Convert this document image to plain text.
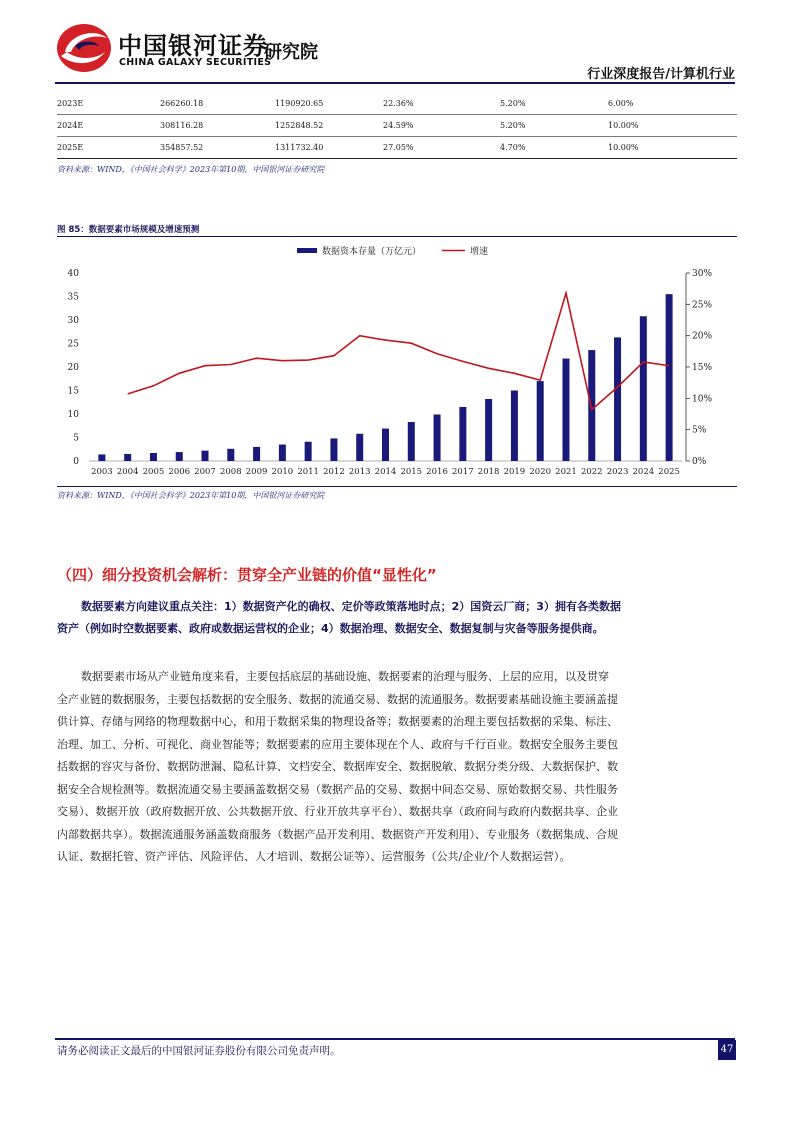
中国银河证券
CHINA GALAXY SECURITIES
研究院
行业深度报告/计算机行业
2023E	266260.18	1190920.65	22.36%	5.20%	6.00%
2024E	308116.28	1252848.52	24.59%	5.20%	10.00%
2025E	354857.52	1311732.40	27.05%	4.70%	10.00%
资料来源：WIND，《中国社会科学》2023年第10期，中国银河证券研究院
图 85：数据要素市场规模及增速预测
数据资本存量（万亿元）	增速
0
5
10
15
20
25
30
35
40
0%
5%
10%
15%
20%
25%
30%
2003 2004 2005 2006 2007 2008 2009 2010 2011 2012 2013 2014 2015 2016 2017 2018 2019 2020 2021 2022 2023 2024 2025
资料来源：WIND，《中国社会科学》2023年第10期，中国银河证券研究院
（四）细分投资机会解析：贯穿全产业链的价值“显性化”
数据要素方向建议重点关注：1）数据资产化的确权、定价等政策落地时点；2）国资云厂商；3）拥有各类数据资产（例如时空数据要素、政府或数据运营权的企业；4）数据治理、数据安全、数据复制与灾备等服务提供商。
数据要素市场从产业链角度来看，主要包括底层的基础设施、数据要素的治理与服务、上层的应用，以及贯穿全产业链的数据服务，主要包括数据的安全服务、数据的流通交易、数据的流通服务。数据要素基础设施主要涵盖提供计算、存储与网络的物理数据中心，和用于数据采集的物理设备等；数据要素的治理主要包括数据的采集、标注、治理、加工、分析、可视化、商业智能等；数据要素的应用主要体现在个人、政府与千行百业。数据安全服务主要包括数据的容灾与备份、数据防泄漏、隐私计算、文档安全、数据库安全、数据脱敏、数据分类分级、大数据保护、数据安全合规检测等。数据流通交易主要涵盖数据交易（数据产品的交易、数据中间态交易、原始数据交易、共性服务交易）、数据开放（政府数据开放、公共数据开放、行业开放共享平台）、数据共享（政府间与政府内数据共享、企业内部数据共享）。数据流通服务涵盖数商服务（数据产品开发利用、数据资产开发利用）、专业服务（数据集成、合规认证、数据托管、资产评估、风险评估、人才培训、数据公证等）、运营服务（公共/企业/个人数据运营）。
请务必阅读正文最后的中国银河证券股份有限公司免责声明。	47
